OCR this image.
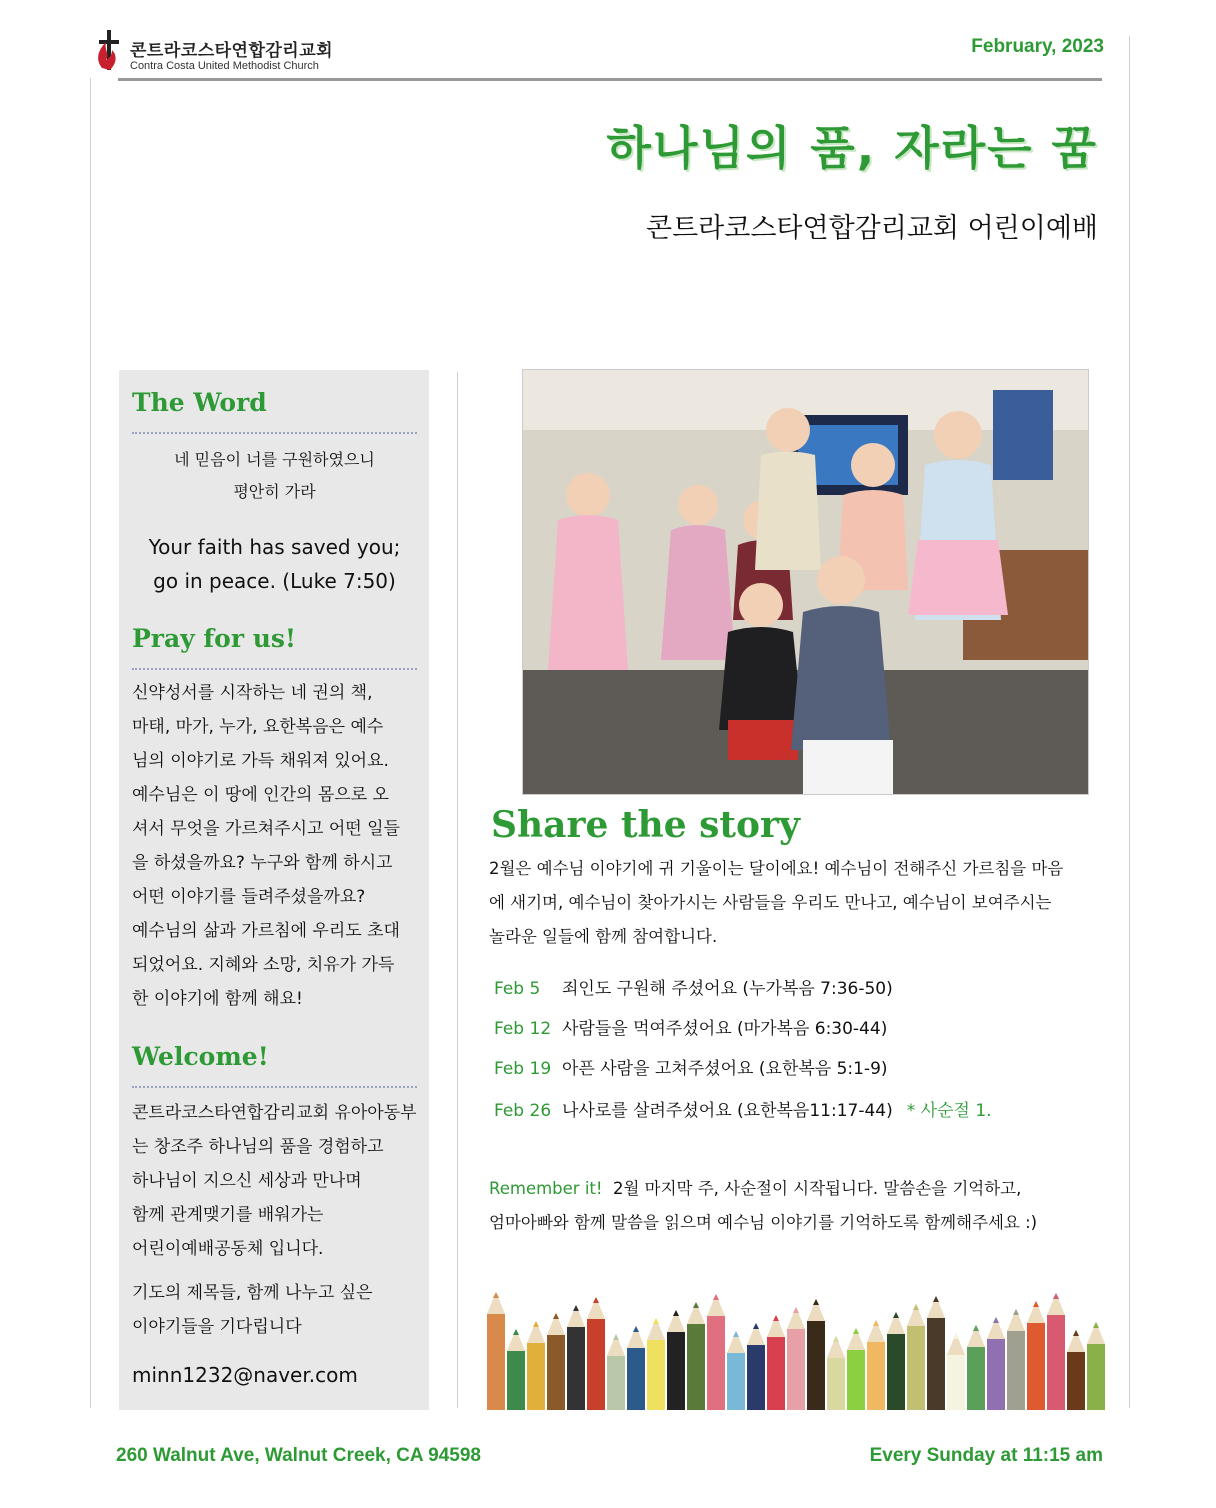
콘트라코스타연합감리교회
Contra Costa United Methodist Church
February, 2023
하나님의 품, 자라는 꿈
콘트라코스타연합감리교회 어린이예배
The Word
네 믿음이 너를 구원하였으니
평안히 가라
Your faith has saved you;
go in peace. (Luke 7:50)
Pray for us!
신약성서를 시작하는 네 권의 책,
마태, 마가, 누가, 요한복음은 예수
님의 이야기로 가득 채워져 있어요.
예수님은 이 땅에 인간의 몸으로 오
셔서 무엇을 가르쳐주시고 어떤 일들
을 하셨을까요? 누구와 함께 하시고
어떤 이야기를 들려주셨을까요?
예수님의 삶과 가르침에 우리도 초대
되었어요. 지혜와 소망, 치유가 가득
한 이야기에 함께 해요!
Welcome!
콘트라코스타연합감리교회 유아아동부
는 창조주 하나님의 품을 경험하고
하나님이 지으신 세상과 만나며
함께 관계맺기를 배워가는
어린이예배공동체 입니다.
기도의 제목들, 함께 나누고 싶은
이야기들을 기다립니다
minn1232@naver.com
Share the story
2월은 예수님 이야기에 귀 기울이는 달이에요! 예수님이 전해주신 가르침을 마음
에 새기며, 예수님이 찾아가시는 사람들을 우리도 만나고, 예수님이 보여주시는
놀라운 일들에 함께 참여합니다.
Feb 5 죄인도 구원해 주셨어요 (누가복음 7:36-50)
Feb 12 사람들을 먹여주셨어요 (마가복음 6:30-44)
Feb 19 아픈 사람을 고쳐주셨어요 (요한복음 5:1-9)
Feb 26 나사로를 살려주셨어요 (요한복음11:17-44) * 사순절 1.
Remember it! 2월 마지막 주, 사순절이 시작됩니다. 말씀손을 기억하고,
엄마아빠와 함께 말씀을 읽으며 예수님 이야기를 기억하도록 함께해주세요 :)
260 Walnut Ave, Walnut Creek, CA 94598	Every Sunday at 11:15 am
